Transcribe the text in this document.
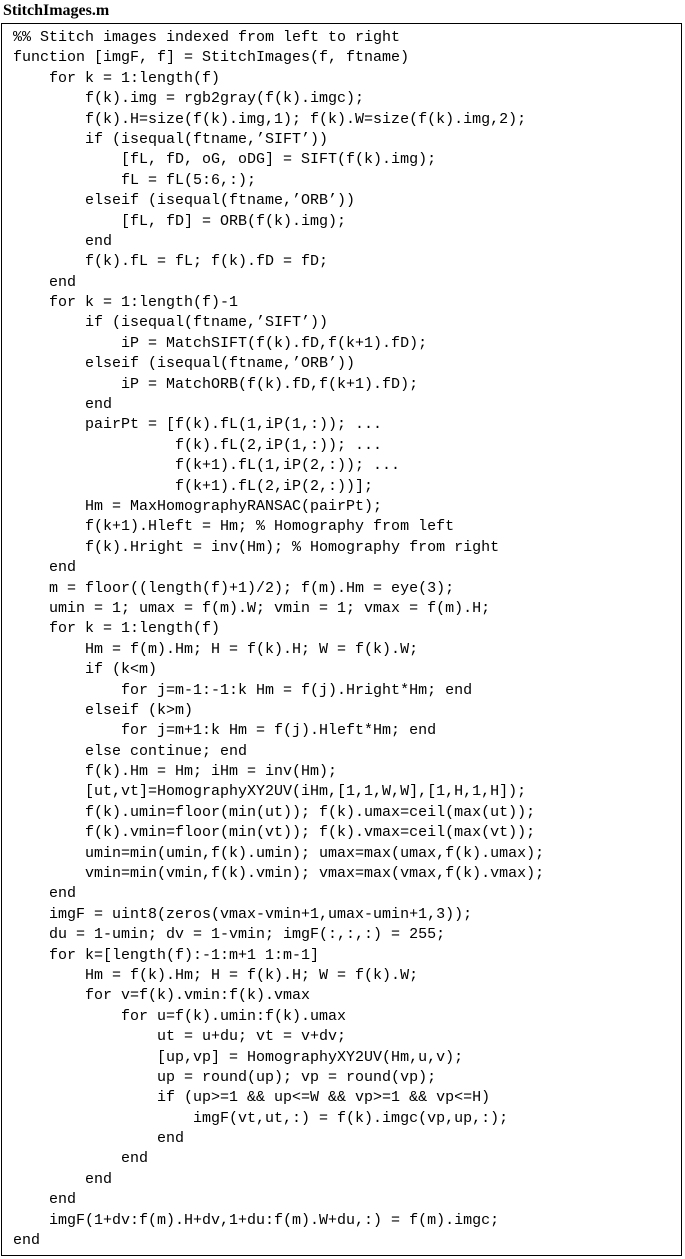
StitchImages.m
%% Stitch images indexed from left to right
function [imgF, f] = StitchImages(f, ftname)
for k = 1:length(f)
f(k).img = rgb2gray(f(k).imgc);
f(k).H=size(f(k).img,1); f(k).W=size(f(k).img,2);
if (isequal(ftname,’SIFT’))
[fL, fD, oG, oDG] = SIFT(f(k).img);
fL = fL(5:6,:);
elseif (isequal(ftname,’ORB’))
[fL, fD] = ORB(f(k).img);
end
f(k).fL = fL; f(k).fD = fD;
end
for k = 1:length(f)-1
if (isequal(ftname,’SIFT’))
iP = MatchSIFT(f(k).fD,f(k+1).fD);
elseif (isequal(ftname,’ORB’))
iP = MatchORB(f(k).fD,f(k+1).fD);
end
pairPt = [f(k).fL(1,iP(1,:)); ...
f(k).fL(2,iP(1,:)); ...
f(k+1).fL(1,iP(2,:)); ...
f(k+1).fL(2,iP(2,:))];
Hm = MaxHomographyRANSAC(pairPt);
f(k+1).Hleft = Hm; % Homography from left
f(k).Hright = inv(Hm); % Homography from right
end
m = floor((length(f)+1)/2); f(m).Hm = eye(3);
umin = 1; umax = f(m).W; vmin = 1; vmax = f(m).H;
for k = 1:length(f)
Hm = f(m).Hm; H = f(k).H; W = f(k).W;
if (k<m)
for j=m-1:-1:k Hm = f(j).Hright*Hm; end
elseif (k>m)
for j=m+1:k Hm = f(j).Hleft*Hm; end
else continue; end
f(k).Hm = Hm; iHm = inv(Hm);
[ut,vt]=HomographyXY2UV(iHm,[1,1,W,W],[1,H,1,H]);
f(k).umin=floor(min(ut)); f(k).umax=ceil(max(ut));
f(k).vmin=floor(min(vt)); f(k).vmax=ceil(max(vt));
umin=min(umin,f(k).umin); umax=max(umax,f(k).umax);
vmin=min(vmin,f(k).vmin); vmax=max(vmax,f(k).vmax);
end
imgF = uint8(zeros(vmax-vmin+1,umax-umin+1,3));
du = 1-umin; dv = 1-vmin; imgF(:,:,:) = 255;
for k=[length(f):-1:m+1 1:m-1]
Hm = f(k).Hm; H = f(k).H; W = f(k).W;
for v=f(k).vmin:f(k).vmax
for u=f(k).umin:f(k).umax
ut = u+du; vt = v+dv;
[up,vp] = HomographyXY2UV(Hm,u,v);
up = round(up); vp = round(vp);
if (up>=1 && up<=W && vp>=1 && vp<=H)
imgF(vt,ut,:) = f(k).imgc(vp,up,:);
end
end
end
end
imgF(1+dv:f(m).H+dv,1+du:f(m).W+du,:) = f(m).imgc;
end
